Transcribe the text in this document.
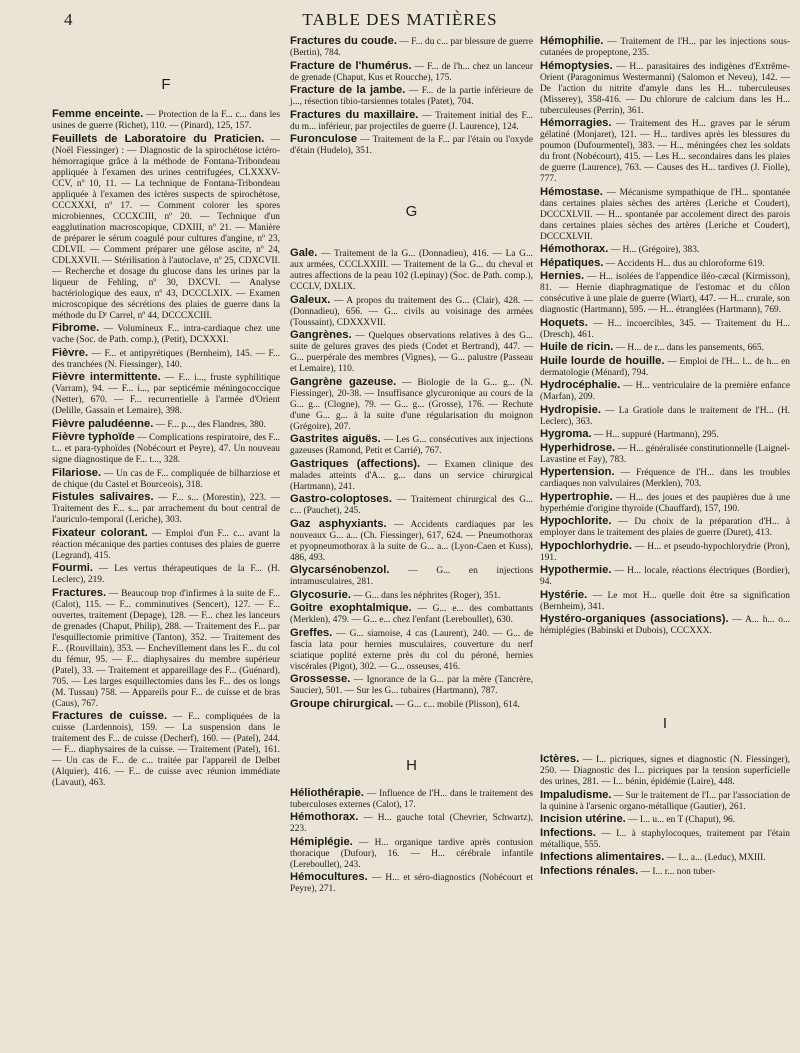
4	TABLE DES MATIÈRES
F
Femme enceinte. — Protection de la F... c... dans les usines de guerre (Richet), 110. — (Pinard), 125, 157.
Feuillets de Laboratoire du Praticien. — (Noël Fiessinger) : — Diagnostic de la spirochétose ictéro-hémorragique grâce à la méthode de Fontana-Tribondeau appliquée à l'examen des urines centrifugées, CLXXXV-CCV, nº 10, 11. — La technique de Fontana-Tribondeau appliquée à l'examen des ictères suspects de spirochétose, CCCXXXI, nº 17. — Comment colorer les spores microbiennes, CCCXCIII, nº 20. — Technique d'un eagglutination macroscopique, CDXIII, nº 21. — Manière de préparer le sérum coagulé pour cultures d'angine, nº 23, CDLVII. — Comment préparer une gélose ascite, nº 24, CDLXXVII. — Stérilisation à l'autoclave, nº 25, CDXCVII. — Recherche et dosage du glucose dans les urines par la liqueur de Fehling, nº 30, DXCVI. — Analyse bactériologique des eaux, nº 43, DCCCLXIX. — Examen microscopique des sécrétions des plaies de guerre dans la méthode du Dʳ Carrel, nº 44, DCCCXCIII.
Fibrome. — Volumineux F... intra-cardiaque chez une vache (Soc. de Path. comp.), (Petit), DCXXXI.
Fièvre. — F... et antipyrétiques (Bernheim), 145. — F... des tranchées (N. Fiessinger), 140.
Fièvre intermittente. — F... i..., fruste syphilitique (Varram), 94. — F... i..., par septicémie méningococcique (Netter), 670. — F... recurrentielle à l'armée d'Orient (Delille, Gassain et Lemaire), 398.
Fièvre paludéenne. — F... p..., des Flandres, 380.
Fièvre typhoïde — Complications respiratoire, des F... t... et para-typhoïdes (Nobécourt et Peyre), 47. Un nouveau signe diagnostique de F... t..., 328.
Filariose. — Un cas de F... compliquée de bilharziose et de chique (du Castel et Bourceois), 318.
Fistules salivaires. — F... s... (Morestin), 223. — Traitement des F... s... par arrachement du bout central de l'auriculo-temporal (Leriche), 303.
Fixateur colorant. — Emploi d'un F... c... avant la réaction mécanique des parties contuses des plaies de guerre (Legrand), 415.
Fourmi. — Les vertus thérapeutiques de la F... (H. Leclerc), 219.
Fractures. — Beaucoup trop d'infirmes à la suite de F... (Calot), 115. — F... comminutives (Sencert), 127. — F... ouvertes, traitement (Depage), 128. — F... chez les lanceurs de grenades (Chaput, Philip), 288. — Traitement des F... par l'esquillectomie primitive (Tanton), 352. — Traitement des F... (Rouvillain), 353. — Enchevillement dans les F... du col du fémur, 95. — F... diaphysaires du membre supérieur (Patel), 33. — Traitement et appareillage des F... (Guénard), 705. — Les larges esquillectomies dans les F... des os longs (M. Tussau) 758. — Appareils pour F... de cuisse et de bras (Caus), 767.
Fractures de cuisse. — F... compliquées de la cuisse (Lardennois), 159. — La suspension dans le traitement des F... de cuisse (Decherf), 160. — (Patel), 244. — F... diaphysaires de la cuisse. — Traitement (Patel), 161. — Un cas de F... de c... traitée par l'appareil de Delbet (Alquier), 416. — F... de cuisse avec réunion immédiate (Lavaut), 463.
Fractures du coude. — F... du c... par blessure de guerre (Bertin), 784.
Fracture de l'humérus. — F... de l'h... chez un lanceur de grenade (Chaput, Kus et Roucche), 175.
Fracture de la jambe. — F... de la partie inférieure de j..., résection tibio-tarsiennes totales (Patet), 704.
Fractures du maxillaire. — Traitement initial des F... du m... inférieur, par projectiles de guerre (J. Laurence), 124.
Furonculose — Traitement de la F... par l'étain ou l'oxyde d'étain (Hudelo), 351.
G
Gale. — Traitement de la G... (Donnadieu), 416. — La G... aux armées, CCCLXXIII. — Traitement de la G... du cheval et autres affections de la peau 102 (Lepinay) (Soc. de Path. comp.), CCCLV, DXLIX.
Galeux. — A propos du traitement des G... (Clair), 428. — (Donnadieu), 656. — G... civils au voisinage des armées (Toussaint), CDXXXVII.
Gangrènes. — Quelques observations relatives à des G... suite de gelures graves des pieds (Codet et Bertrand), 447. — G... puerpérale des membres (Vignes), — G... palustre (Passeau et Lemaire), 110.
Gangrène gazeuse. — Biologie de la G... g... (N. Fiessinger), 20-38. — Insuffisance glycuronique au cours de la G... g... (Clogne), 79. — G... g... (Grosse), 176. — Rechute d'une G... g... à la suite d'une régularisation du moignon (Grégoire), 207.
Gastrites aiguës. — Les G... consécutives aux injections gazeuses (Ramond, Petit et Carrié), 767.
Gastriques (affections). — Examen clinique des malades atteints d'A... g... dans un service chirurgical (Hartmann), 241.
Gastro-coloptoses. — Traitement chirurgical des G... c... (Pauchet), 245.
Gaz asphyxiants. — Accidents cardiaques par les nouveaux G... a... (Ch. Fiessinger), 617, 624. — Pneumothorax et pyopneumothorax à la suite de G... a... (Lyon-Caen et Kuss), 486, 493.
Glycarsénobenzol. — G... en injections intramusculaires, 281.
Glycosurie. — G... dans les néphrites (Roger), 351.
Goitre exophtalmique. — G... e... des combattants (Merklen), 479. — G... e... chez l'enfant (Lereboullet), 630.
Greffes. — G... siamoise, 4 cas (Laurent), 240. — G... de fascia lata pour hernies musculaires, couverture du nerf sciatique poplité externe près du col du péroné, hernies viscérales (Pigot), 302. — G... osseuses, 416.
Grossesse. — Ignorance de la G... par la mère (Tancrère, Saucier), 501. — Sur les G... tubaires (Hartmann), 787.
Groupe chirurgical. — G... c... mobile (Plisson), 614.
H
Héliothérapie. — Influence de l'H... dans le traitement des tuberculoses externes (Calot), 17.
Hémothorax. — H... gauche total (Chevrier, Schwartz), 223.
Hémiplégie. — H... organique tardive après contusion thoracique (Dufour), 16. — H... cérébrale infantile (Lereboullet), 243.
Hémocultures. — H... et séro-diagnostics (Nobécourt et Peyre), 271.
Hémophilie. — Traitement de l'H... par les injections sous-cutanées de propeptone, 235.
Hémoptysies. — H... parasitaires des indigènes d'Extrême-Orient (Paragonimus Westermanni) (Salomon et Neveu), 142. — De l'action du nitrite d'amyle dans les H... tuberculeuses (Misserey), 358-416. — Du chlorure de calcium dans les H... tuberculeuses (Perrin), 361.
Hémorragies. — Traitement des H... graves par le sérum gélatiné (Monjaret), 121. — H... tardives après les blessures du poumon (Dufourmentel), 383. — H... méningées chez les soldats du front (Nobécourt), 415. — Les H... secondaires dans les plaies de guerre (Laurence), 763. — Causes des H... tardives (J. Fiolle), 777.
Hémostase. — Mécanisme sympathique de l'H... spontanée dans certaines plaies sèches des artères (Leriche et Coudert), DCCCXLVII. — H... spontanée par accolement direct des parois dans certaines plaies sèches des artères (Leriche et Coudert), DCCCXLVII.
Hémothorax. — H... (Grégoire), 383.
Hépatiques. — Accidents H... dus au chloroforme 619.
Hernies. — H... isolées de l'appendice iléo-cæcal (Kirmisson), 81. — Hernie diaphragmatique de l'estomac et du côlon consécutive à une plaie de guerre (Wiart), 447. — H... crurale, son diagnostic (Hartmann), 595. — H... étranglées (Hartmann), 769.
Hoquets. — H... incoercibles, 345. — Traitement du H... (Dresch), 461.
Huile de ricin. — H... de r... dans les pansements, 665.
Huile lourde de houille. — Emploi de l'H... l... de h... en dermatologie (Ménard), 794.
Hydrocéphalie. — H... ventriculaire de la première enfance (Marfan), 209.
Hydropisie. — La Gratiole dans le traitement de l'H... (H. Leclerc), 363.
Hygroma. — H... suppuré (Hartmann), 295.
Hyperhidrose. — H... généralisée constitutionnelle (Laignel-Lavastine et Fay), 783.
Hypertension. — Fréquence de l'H... dans les troubles cardiaques non valvulaires (Merklen), 703.
Hypertrophie. — H... des joues et des paupières due à une hyperhémie d'origine thyroïde (Chauffard), 157, 190.
Hypochlorite. — Du choix de la préparation d'H... à employer dans le traitement des plaies de guerre (Duret), 413.
Hypochlorhydrie. — H... et pseudo-hypochlorydrie (Pron), 191.
Hypothermie. — H... locale, réactions électriques (Bordier), 94.
Hystérie. — Le mot H... quelle doit être sa signification (Bernheim), 341.
Hystéro-organiques (associations). — A... h... o... hémiplégies (Babinski et Dubois), CCCXXX.
I
Ictères. — I... picriques, signes et diagnostic (N. Fiessinger), 250. — Diagnostic des I... picriques par la tension superficielle des urines, 281. — I... bénin, épidémie (Laire), 448.
Impaludisme. — Sur le traitement de l'I... par l'association de la quinine à l'arsenic organo-métallique (Gautier), 261.
Incision utérine. — I... u... en T (Chaput), 96.
Infections. — I... à staphylocoques, traitement par l'étain métallique, 555.
Infections alimentaires. — I... a... (Leduc), MXIII.
Infections rénales. — I... r... non tuber-
